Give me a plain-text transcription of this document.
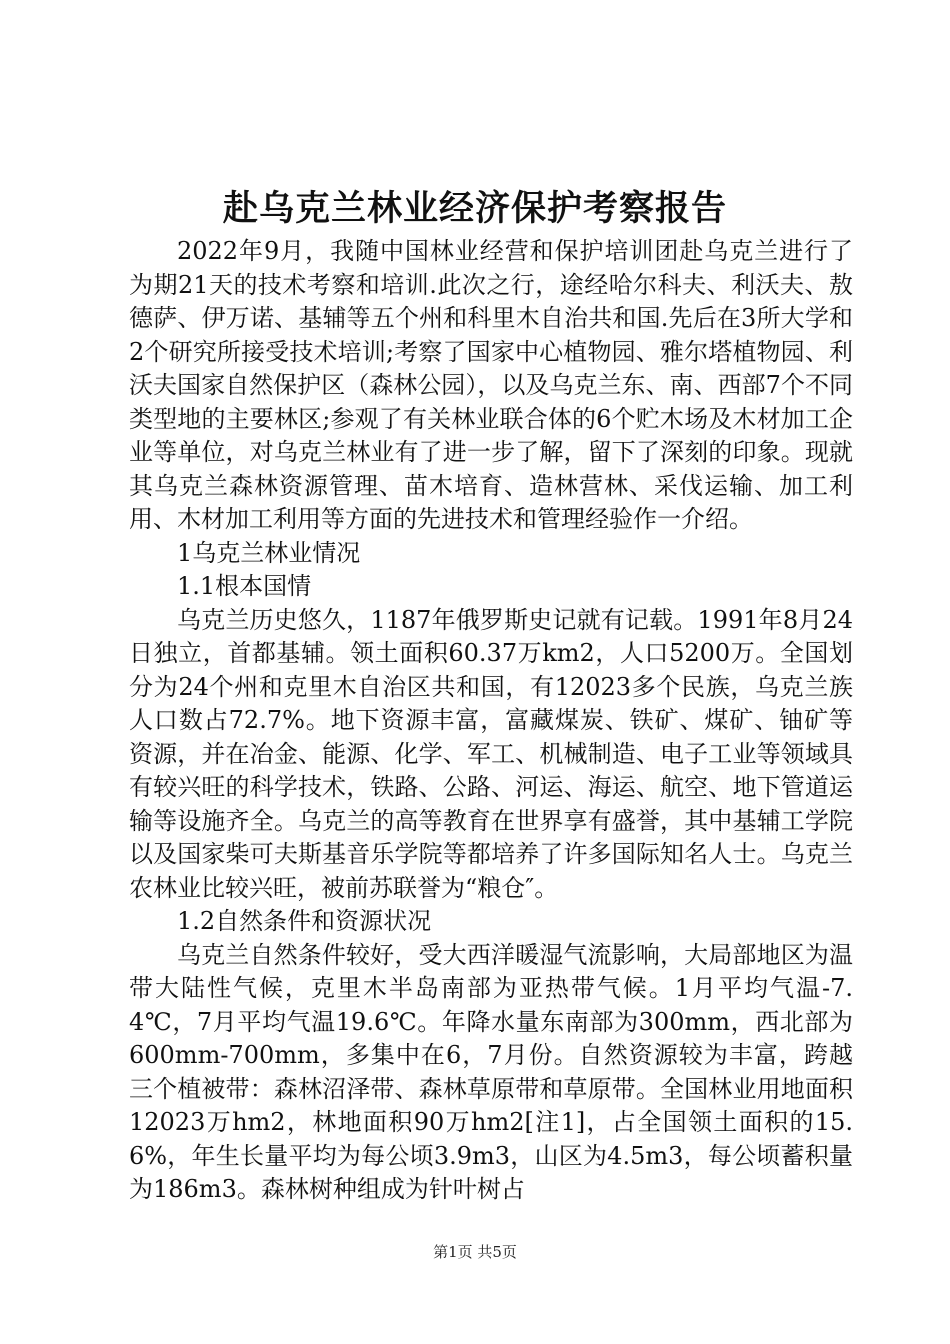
赴乌克兰林业经济保护考察报告

2022年9月，我随中国林业经营和保护培训团赴乌克兰进行了为期21天的技术考察和培训.此次之行，途经哈尔科夫、利沃夫、敖德萨、伊万诺、基辅等五个州和科里木自治共和国.先后在3所大学和2个研究所接受技术培训;考察了国家中心植物园、雅尔塔植物园、利沃夫国家自然保护区（森林公园），以及乌克兰东、南、西部7个不同类型地的主要林区;参观了有关林业联合体的6个贮木场及木材加工企业等单位，对乌克兰林业有了进一步了解，留下了深刻的印象。现就其乌克兰森林资源管理、苗木培育、造林营林、采伐运输、加工利用、木材加工利用等方面的先进技术和管理经验作一介绍。

1乌克兰林业情况

1.1根本国情

乌克兰历史悠久，1187年俄罗斯史记就有记载。1991年8月24日独立，首都基辅。领土面积60.37万km2，人口5200万。全国划分为24个州和克里木自治区共和国，有12023多个民族，乌克兰族人口数占72.7%。地下资源丰富，富藏煤炭、铁矿、煤矿、铀矿等资源，并在冶金、能源、化学、军工、机械制造、电子工业等领域具有较兴旺的科学技术，铁路、公路、河运、海运、航空、地下管道运输等设施齐全。乌克兰的高等教育在世界享有盛誉，其中基辅工学院以及国家柴可夫斯基音乐学院等都培养了许多国际知名人士。乌克兰农林业比较兴旺，被前苏联誉为“粮仓″。

1.2自然条件和资源状况

乌克兰自然条件较好，受大西洋暖湿气流影响，大局部地区为温带大陆性气候，克里木半岛南部为亚热带气候。1月平均气温-7.4℃，7月平均气温19.6℃。年降水量东南部为300mm，西北部为600mm-700mm，多集中在6，7月份。自然资源较为丰富，跨越三个植被带：森林沼泽带、森林草原带和草原带。全国林业用地面积12023万hm2，林地面积90万hm2[注1]，占全国领土面积的15.6%，年生长量平均为每公顷3.9m3，山区为4.5m3，每公顷蓄积量为186m3。森林树种组成为针叶树占

第1页 共5页
